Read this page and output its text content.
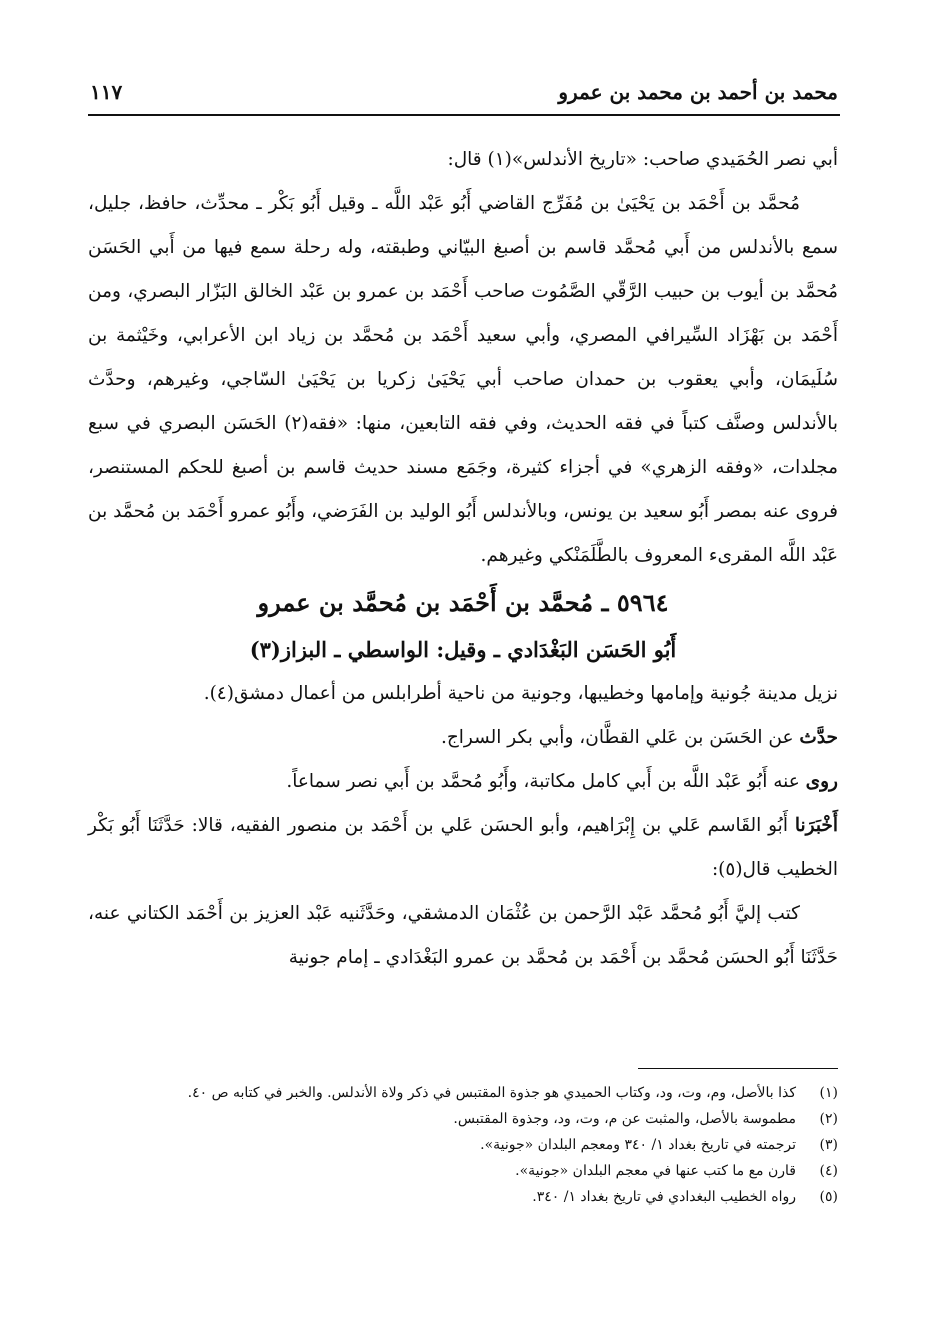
محمد بن أحمد بن محمد بن عمرو
١١٧

أبي نصر الحُمَيدي صاحب: «تاريخ الأندلس»(١) قال:

مُحمَّد بن أَحْمَد بن يَحْيَىٰ بن مُفَرِّج القاضي أَبُو عَبْد اللَّه ـ وقيل أَبُو بَكْر ـ محدِّث، حافظ، جليل، سمع بالأندلس من أَبي مُحمَّد قاسم بن أصبغ البيّاني وطبقته، وله رحلة سمع فيها من أَبي الحَسَن مُحمَّد بن أيوب بن حبيب الرَّقّي الصَّمُوت صاحب أَحْمَد بن عمرو بن عَبْد الخالق البَزّار البصري، ومن أَحْمَد بن بَهْزَاد السِّيرافي المصري، وأبي سعيد أَحْمَد بن مُحمَّد بن زياد ابن الأعرابي، وخَيْثمة بن سُلَيمَان، وأبي يعقوب بن حمدان صاحب أبي يَحْيَىٰ زكريا بن يَحْيَىٰ السّاجي، وغيرهم، وحدَّث بالأندلس وصنَّف كتباً في فقه الحديث، وفي فقه التابعين، منها: «فقه(٢) الحَسَن البصري في سبع مجلدات، «وفقه الزهري» في أجزاء كثيرة، وجَمَع مسند حديث قاسم بن أصبغ للحكم المستنصر، فروى عنه بمصر أَبُو سعيد بن يونس، وبالأندلس أَبُو الوليد بن الفَرَضي، وأَبُو عمرو أَحْمَد بن مُحمَّد بن عَبْد اللَّه المقرىء المعروف بالطَّلَمَنْكي وغيرهم.

٥٩٦٤ ـ مُحمَّد بن أَحْمَد بن مُحمَّد بن عمرو

أَبُو الحَسَن البَغْدَادي ـ وقيل: الواسطي ـ البزاز(٣)

نزيل مدينة جُونية وإمامها وخطيبها، وجونية من ناحية أطرابلس من أعمال دمشق(٤).

حدَّث عن الحَسَن بن عَلي القطَّان، وأبي بكر السراج.

روى عنه أَبُو عَبْد اللَّه بن أَبي كامل مكاتبة، وأَبُو مُحمَّد بن أَبي نصر سماعاً.

أَخْبَرَنا أَبُو القَاسم عَلي بن إِبْرَاهيم، وأبو الحسَن عَلي بن أَحْمَد بن منصور الفقيه، قالا: حَدَّثَنَا أَبُو بَكْر الخطيب قال(٥):

كتب إليَّ أَبُو مُحمَّد عَبْد الرَّحمن بن عُثْمَان الدمشقي، وحَدَّثَنيه عَبْد العزيز بن أَحْمَد الكتاني عنه، حَدَّثَنَا أَبُو الحسَن مُحمَّد بن أَحْمَد بن مُحمَّد بن عمرو البَغْدَادي ـ إمام جونية

(١)
كذا بالأصل، وم، وت، ود، وكتاب الحميدي هو جذوة المقتبس في ذكر ولاة الأندلس. والخبر في كتابه ص ٤٠.

(٢)
مطموسة بالأصل، والمثبت عن م، وت، ود، وجذوة المقتبس.

(٣)
ترجمته في تاريخ بغداد ١/ ٣٤٠ ومعجم البلدان «جونية».

(٤)
قارن مع ما كتب عنها في معجم البلدان «جونية».

(٥)
رواه الخطيب البغدادي في تاريخ بغداد ١/ ٣٤٠.
